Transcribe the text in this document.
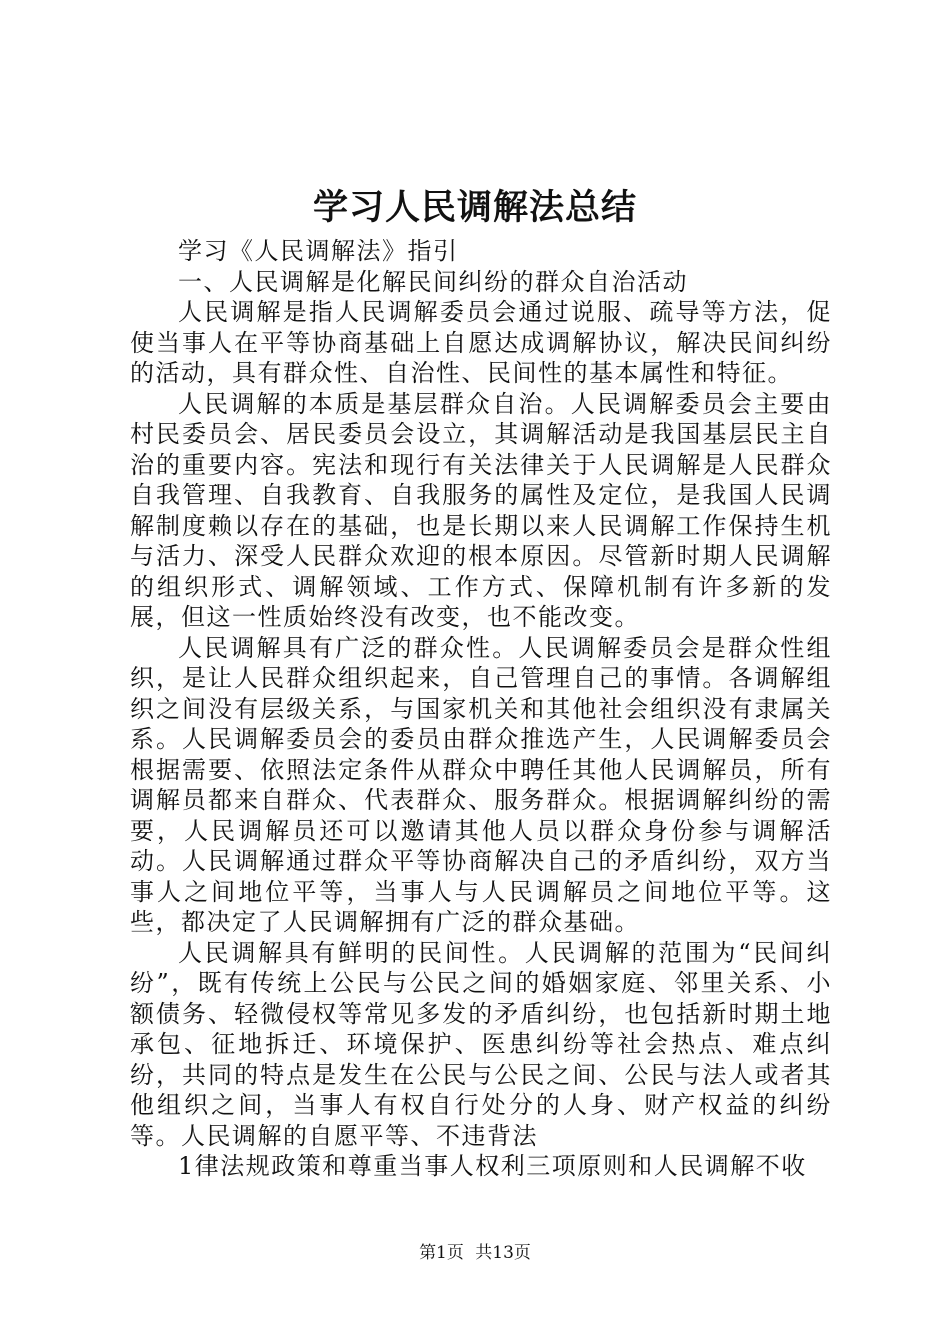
学习人民调解法总结

学习《人民调解法》指引

一、人民调解是化解民间纠纷的群众自治活动

人民调解是指人民调解委员会通过说服、疏导等方法，促使当事人在平等协商基础上自愿达成调解协议，解决民间纠纷的活动，具有群众性、自治性、民间性的基本属性和特征。

人民调解的本质是基层群众自治。人民调解委员会主要由村民委员会、居民委员会设立，其调解活动是我国基层民主自治的重要内容。宪法和现行有关法律关于人民调解是人民群众自我管理、自我教育、自我服务的属性及定位，是我国人民调解制度赖以存在的基础，也是长期以来人民调解工作保持生机与活力、深受人民群众欢迎的根本原因。尽管新时期人民调解的组织形式、调解领域、工作方式、保障机制有许多新的发展，但这一性质始终没有改变，也不能改变。

人民调解具有广泛的群众性。人民调解委员会是群众性组织，是让人民群众组织起来，自己管理自己的事情。各调解组织之间没有层级关系，与国家机关和其他社会组织没有隶属关系。人民调解委员会的委员由群众推选产生，人民调解委员会根据需要、依照法定条件从群众中聘任其他人民调解员，所有调解员都来自群众、代表群众、服务群众。根据调解纠纷的需要，人民调解员还可以邀请其他人员以群众身份参与调解活动。人民调解通过群众平等协商解决自己的矛盾纠纷，双方当事人之间地位平等，当事人与人民调解员之间地位平等。这些，都决定了人民调解拥有广泛的群众基础。

人民调解具有鲜明的民间性。人民调解的范围为“民间纠纷”，既有传统上公民与公民之间的婚姻家庭、邻里关系、小额债务、轻微侵权等常见多发的矛盾纠纷，也包括新时期土地承包、征地拆迁、环境保护、医患纠纷等社会热点、难点纠纷，共同的特点是发生在公民与公民之间、公民与法人或者其他组织之间，当事人有权自行处分的人身、财产权益的纠纷等。人民调解的自愿平等、不违背法

1律法规政策和尊重当事人权利三项原则和人民调解不收

第1页 共13页
